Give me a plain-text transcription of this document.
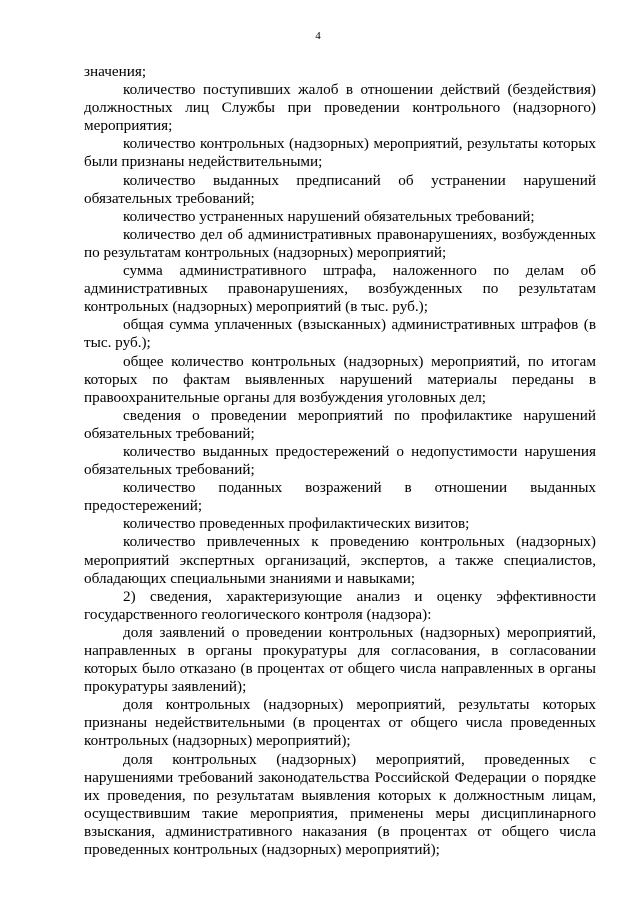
4

значения;

количество поступивших жалоб в отношении действий (бездействия) должностных лиц Службы при проведении контрольного (надзорного) мероприятия;

количество контрольных (надзорных) мероприятий, результаты которых были признаны недействительными;

количество выданных предписаний об устранении нарушений обязательных требований;

количество устраненных нарушений обязательных требований;

количество дел об административных правонарушениях, возбужденных по результатам контрольных (надзорных) мероприятий;

сумма административного штрафа, наложенного по делам об административных правонарушениях, возбужденных по результатам контрольных (надзорных) мероприятий (в тыс. руб.);

общая сумма уплаченных (взысканных) административных штрафов (в тыс. руб.);

общее количество контрольных (надзорных) мероприятий, по итогам которых по фактам выявленных нарушений материалы переданы в правоохранительные органы для возбуждения уголовных дел;

сведения о проведении мероприятий по профилактике нарушений обязательных требований;

количество выданных предостережений о недопустимости нарушения обязательных требований;

количество поданных возражений в отношении выданных предостережений;

количество проведенных профилактических визитов;

количество привлеченных к проведению контрольных (надзорных) мероприятий экспертных организаций, экспертов, а также специалистов, обладающих специальными знаниями и навыками;

2) сведения, характеризующие анализ и оценку эффективности государственного геологического контроля (надзора):

доля заявлений о проведении контрольных (надзорных) мероприятий, направленных в органы прокуратуры для согласования, в согласовании которых было отказано (в процентах от общего числа направленных в органы прокуратуры заявлений);

доля контрольных (надзорных) мероприятий, результаты которых признаны недействительными (в процентах от общего числа проведенных контрольных (надзорных) мероприятий);

доля контрольных (надзорных) мероприятий, проведенных с нарушениями требований законодательства Российской Федерации о порядке их проведения, по результатам выявления которых к должностным лицам, осуществившим такие мероприятия, применены меры дисциплинарного взыскания, административного наказания (в процентах от общего числа проведенных контрольных (надзорных) мероприятий);
